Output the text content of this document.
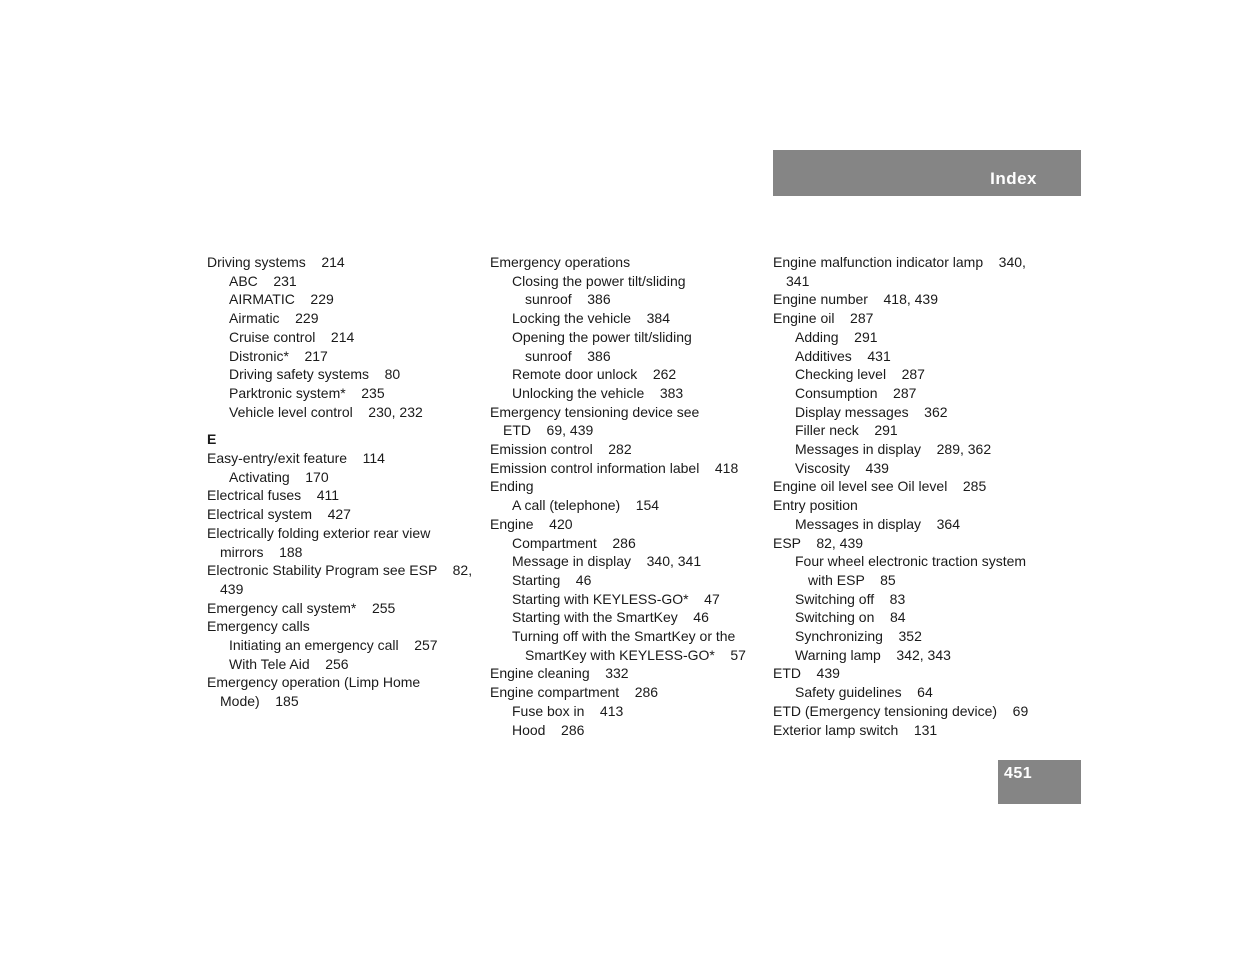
Index
Driving systems    214
ABC    231
AIRMATIC    229
Airmatic    229
Cruise control    214
Distronic*    217
Driving safety systems    80
Parktronic system*    235
Vehicle level control    230, 232
E
Easy-entry/exit feature    114
Activating    170
Electrical fuses    411
Electrical system    427
Electrically folding exterior rear view
mirrors    188
Electronic Stability Program see ESP    82,
439
Emergency call system*    255
Emergency calls
Initiating an emergency call    257
With Tele Aid    256
Emergency operation (Limp Home
Mode)    185
Emergency operations
Closing the power tilt/sliding
sunroof    386
Locking the vehicle    384
Opening the power tilt/sliding
sunroof    386
Remote door unlock    262
Unlocking the vehicle    383
Emergency tensioning device see
ETD    69, 439
Emission control    282
Emission control information label    418
Ending
A call (telephone)    154
Engine    420
Compartment    286
Message in display    340, 341
Starting    46
Starting with KEYLESS-GO*    47
Starting with the SmartKey    46
Turning off with the SmartKey or the
SmartKey with KEYLESS-GO*    57
Engine cleaning    332
Engine compartment    286
Fuse box in    413
Hood    286
Engine malfunction indicator lamp    340,
341
Engine number    418, 439
Engine oil    287
Adding    291
Additives    431
Checking level    287
Consumption    287
Display messages    362
Filler neck    291
Messages in display    289, 362
Viscosity    439
Engine oil level see Oil level    285
Entry position
Messages in display    364
ESP    82, 439
Four wheel electronic traction system
with ESP    85
Switching off    83
Switching on    84
Synchronizing    352
Warning lamp    342, 343
ETD    439
Safety guidelines    64
ETD (Emergency tensioning device)    69
Exterior lamp switch    131
451
